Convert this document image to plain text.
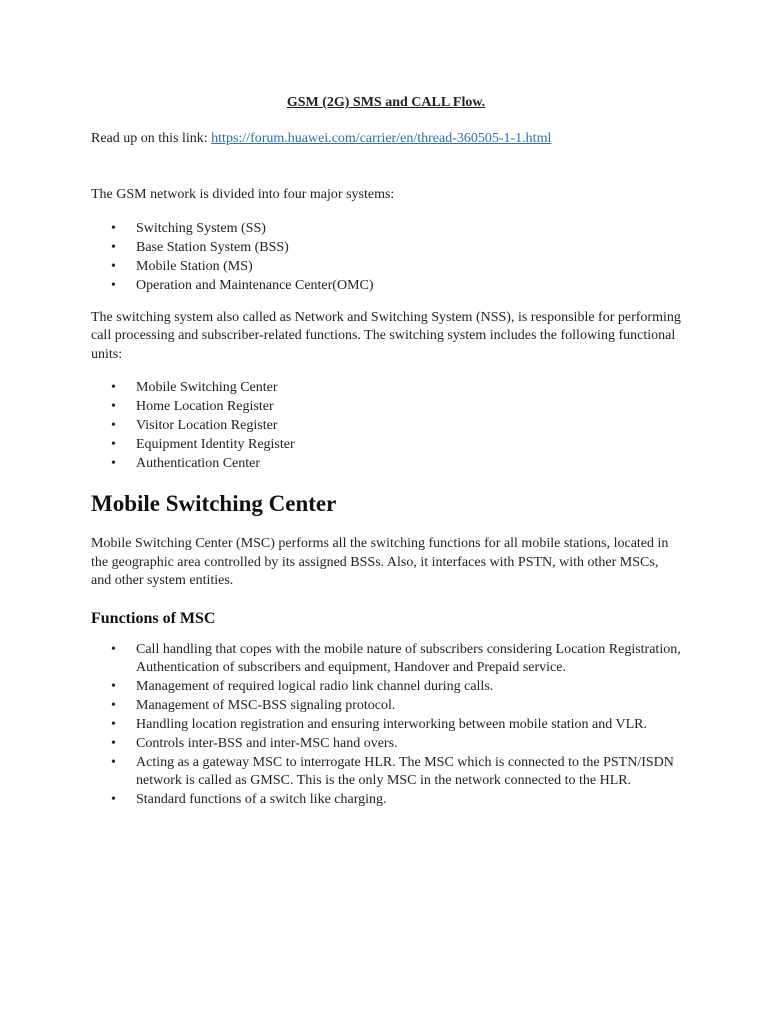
GSM (2G) SMS and CALL Flow.

Read up on this link: https://forum.huawei.com/carrier/en/thread-360505-1-1.html

The GSM network is divided into four major systems:

• Switching System (SS)
• Base Station System (BSS)
• Mobile Station (MS)
• Operation and Maintenance Center(OMC)

The switching system also called as Network and Switching System (NSS), is responsible for performing call processing and subscriber-related functions. The switching system includes the following functional units:

• Mobile Switching Center
• Home Location Register
• Visitor Location Register
• Equipment Identity Register
• Authentication Center
Mobile Switching Center

Mobile Switching Center (MSC) performs all the switching functions for all mobile stations, located in the geographic area controlled by its assigned BSSs. Also, it interfaces with PSTN, with other MSCs, and other system entities.

Functions of MSC
• Call handling that copes with the mobile nature of subscribers considering Location Registration, Authentication of subscribers and equipment, Handover and Prepaid service.
• Management of required logical radio link channel during calls.
• Management of MSC-BSS signaling protocol.
• Handling location registration and ensuring interworking between mobile station and VLR.
• Controls inter-BSS and inter-MSC hand overs.
• Acting as a gateway MSC to interrogate HLR. The MSC which is connected to the PSTN/ISDN network is called as GMSC. This is the only MSC in the network connected to the HLR.
• Standard functions of a switch like charging.
